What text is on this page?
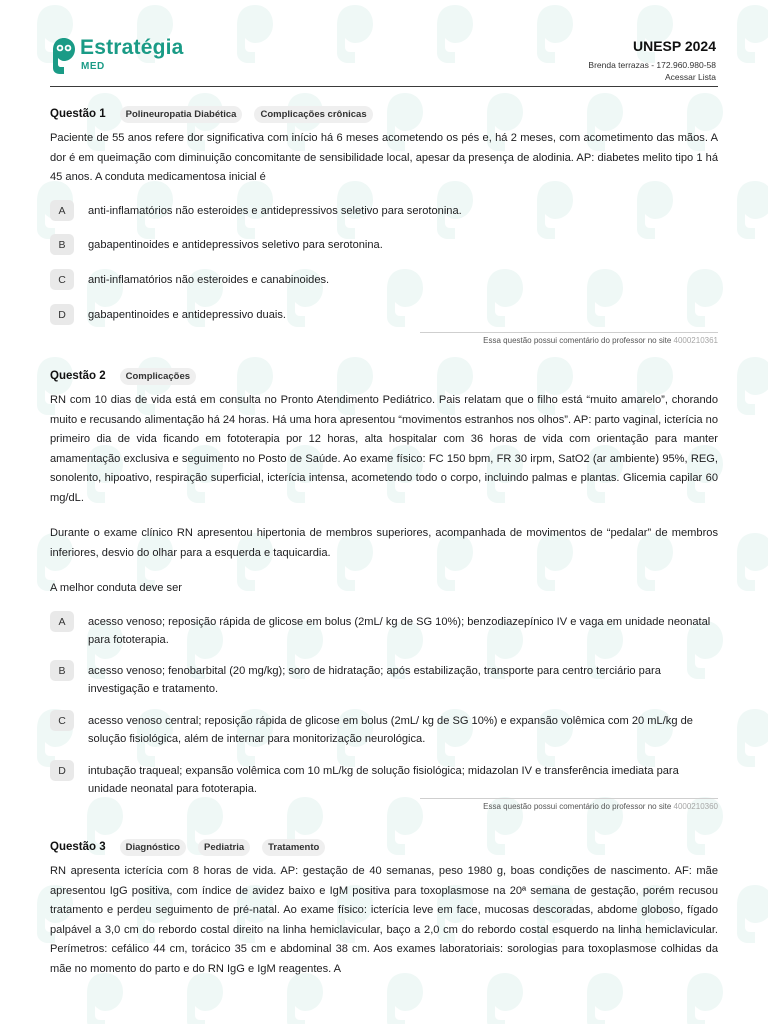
Estratégia
MED
UNESP 2024
Brenda terrazas - 172.960.980-58
Acessar Lista
Questão 1	Polineuropatia Diabética	Complicações crônicas

Paciente de 55 anos refere dor significativa com início há 6 meses acometendo os pés e, há 2 meses, com acometimento das mãos. A dor é em queimação com diminuição concomitante de sensibilidade local, apesar da presença de alodinia. AP: diabetes melito tipo 1 há 45 anos. A conduta medicamentosa inicial é

A	anti-inflamatórios não esteroides e antidepressivos seletivo para serotonina.
B	gabapentinoides e antidepressivos seletivo para serotonina.
C	anti-inflamatórios não esteroides e canabinoides.
D	gabapentinoides e antidepressivo duais.
Essa questão possui comentário do professor no site 4000210361
Questão 2	Complicações

RN com 10 dias de vida está em consulta no Pronto Atendimento Pediátrico. Pais relatam que o filho está “muito amarelo”, chorando muito e recusando alimentação há 24 horas. Há uma hora apresentou “movimentos estranhos nos olhos”. AP: parto vaginal, icterícia no primeiro dia de vida ficando em fototerapia por 12 horas, alta hospitalar com 36 horas de vida com orientação para manter amamentação exclusiva e seguimento no Posto de Saúde. Ao exame físico: FC 150 bpm, FR 30 irpm, SatO2 (ar ambiente) 95%, REG, sonolento, hipoativo, respiração superficial, icterícia intensa, acometendo todo o corpo, incluindo palmas e plantas. Glicemia capilar 60 mg/dL.

Durante o exame clínico RN apresentou hipertonia de membros superiores, acompanhada de movimentos de “pedalar” de membros inferiores, desvio do olhar para a esquerda e taquicardia.

A melhor conduta deve ser

A	acesso venoso; reposição rápida de glicose em bolus (2mL/ kg de SG 10%); benzodiazepínico IV e vaga em unidade neonatal para fototerapia.
B	acesso venoso; fenobarbital (20 mg/kg); soro de hidratação; após estabilização, transporte para centro terciário para investigação e tratamento.
C	acesso venoso central; reposição rápida de glicose em bolus (2mL/ kg de SG 10%) e expansão volêmica com 20 mL/kg de solução fisiológica, além de internar para monitorização neurológica.
D	intubação traqueal; expansão volêmica com 10 mL/kg de solução fisiológica; midazolan IV e transferência imediata para unidade neonatal para fototerapia.
Essa questão possui comentário do professor no site 4000210360
Questão 3	Diagnóstico	Pediatria	Tratamento

RN apresenta icterícia com 8 horas de vida. AP: gestação de 40 semanas, peso 1980 g, boas condições de nascimento. AF: mãe apresentou IgG positiva, com índice de avidez baixo e IgM positiva para toxoplasmose na 20ª semana de gestação, porém recusou tratamento e perdeu seguimento de pré-natal. Ao exame físico: icterícia leve em face, mucosas descoradas, abdome globoso, fígado palpável a 3,0 cm do rebordo costal direito na linha hemiclavicular, baço a 2,0 cm do rebordo costal esquerdo na linha hemiclavicular. Perímetros: cefálico 44 cm, torácico 35 cm e abdominal 38 cm. Aos exames laboratoriais: sorologias para toxoplasmose colhidas da mãe no momento do parto e do RN IgG e IgM reagentes. A
